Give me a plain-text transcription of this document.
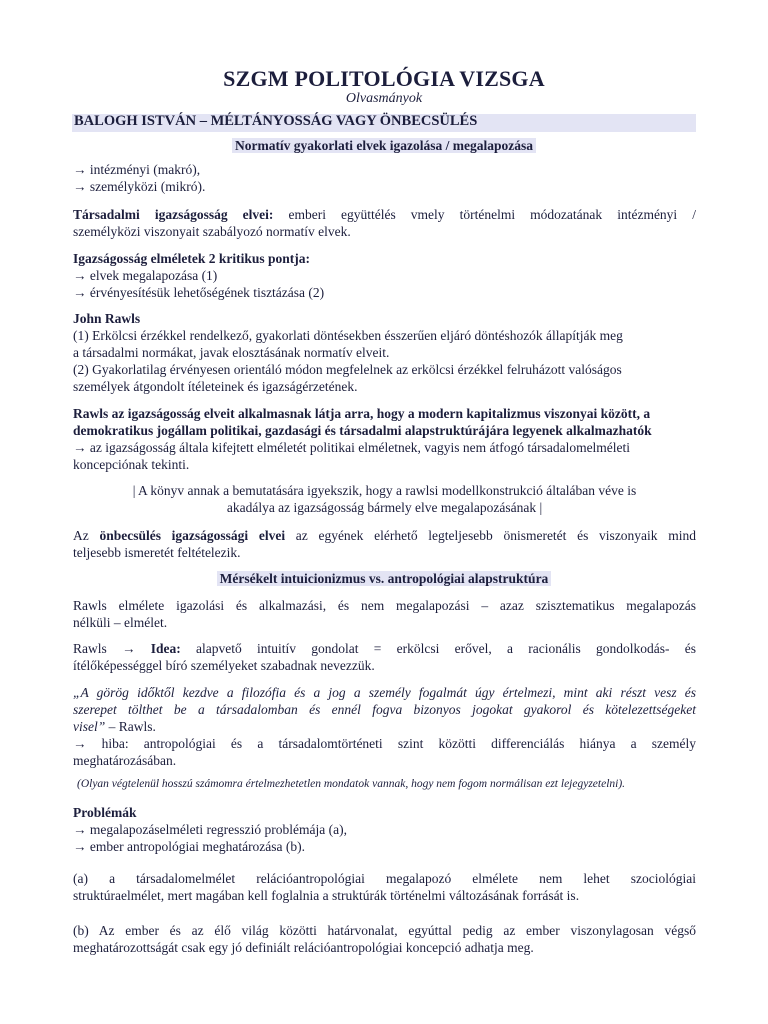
SZGM POLITOLÓGIA VIZSGA
Olvasmányok
BALOGH ISTVÁN – MÉLTÁNYOSSÁG VAGY ÖNBECSÜLÉS
Normatív gyakorlati elvek igazolása / megalapozása
→ intézményi (makró),
→ személyközi (mikró).
Társadalmi igazságosság elvei: emberi együttélés vmely történelmi módozatának intézményi /
személyközi viszonyait szabályozó normatív elvek.
Igazságosság elméletek 2 kritikus pontja:
→ elvek megalapozása (1)
→ érvényesítésük lehetőségének tisztázása (2)
John Rawls
(1) Erkölcsi érzékkel rendelkező, gyakorlati döntésekben ésszerűen eljáró döntéshozók állapítják meg
a társadalmi normákat, javak elosztásának normatív elveit.
(2) Gyakorlatilag érvényesen orientáló módon megfelelnek az erkölcsi érzékkel felruházott valóságos
személyek átgondolt ítéleteinek és igazságérzetének.
Rawls az igazságosság elveit alkalmasnak látja arra, hogy a modern kapitalizmus viszonyai között, a
demokratikus jogállam politikai, gazdasági és társadalmi alapstruktúrájára legyenek alkalmazhatók
→ az igazságosság általa kifejtett elméletét politikai elméletnek, vagyis nem átfogó társadalomelméleti
koncepciónak tekinti.
| A könyv annak a bemutatására igyekszik, hogy a rawlsi modellkonstrukció általában véve is
akadálya az igazságosság bármely elve megalapozásának |
Az önbecsülés igazságossági elvei az egyének elérhető legteljesebb önismeretét és viszonyaik mind
teljesebb ismeretét feltételezik.
Mérsékelt intuicionizmus vs. antropológiai alapstruktúra
Rawls elmélete igazolási és alkalmazási, és nem megalapozási – azaz szisztematikus megalapozás
nélküli – elmélet.
Rawls → Idea: alapvető intuitív gondolat = erkölcsi erővel, a racionális gondolkodás- és
ítélőképességgel bíró személyeket szabadnak nevezzük.
„A görög időktől kezdve a filozófia és a jog a személy fogalmát úgy értelmezi, mint aki részt vesz és
szerepet tölthet be a társadalomban és ennél fogva bizonyos jogokat gyakorol és kötelezettségeket
visel” – Rawls.
→ hiba: antropológiai és a társadalomtörténeti szint közötti differenciálás hiánya a személy
meghatározásában.
(Olyan végtelenül hosszú számomra értelmezhetetlen mondatok vannak, hogy nem fogom normálisan ezt lejegyzetelni).
Problémák
→ megalapozáselméleti regresszió problémája (a),
→ ember antropológiai meghatározása (b).
(a) a társadalomelmélet relációantropológiai megalapozó elmélete nem lehet szociológiai
struktúraelmélet, mert magában kell foglalnia a struktúrák történelmi változásának forrását is.
(b) Az ember és az élő világ közötti határvonalat, egyúttal pedig az ember viszonylagosan végső
meghatározottságát csak egy jó definiált relációantropológiai koncepció adhatja meg.
